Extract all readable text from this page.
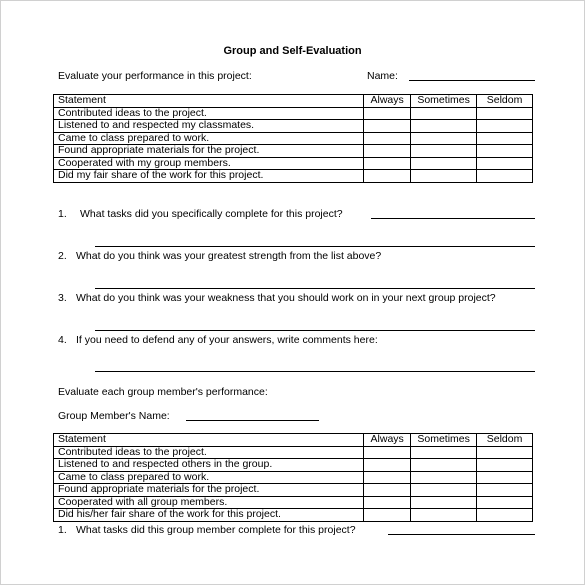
Group and Self-Evaluation
Evaluate your performance in this project:	Name:
Statement	Always	Sometimes	Seldom
Contributed ideas to the project.			
Listened to and respected my classmates.			
Came to class prepared to work.			
Found appropriate materials for the project.			
Cooperated with my group members.			
Did my fair share of the work for this project.			
1. What tasks did you specifically complete for this project?
2. What do you think was your greatest strength from the list above?
3. What do you think was your weakness that you should work on in your next group project?
4. If you need to defend any of your answers, write comments here:
Evaluate each group member's performance:
Group Member's Name:
Statement	Always	Sometimes	Seldom
Contributed ideas to the project.			
Listened to and respected others in the group.			
Came to class prepared to work.			
Found appropriate materials for the project.			
Cooperated with all group members.			
Did his/her fair share of the work for this project.			
1. What tasks did this group member complete for this project?
